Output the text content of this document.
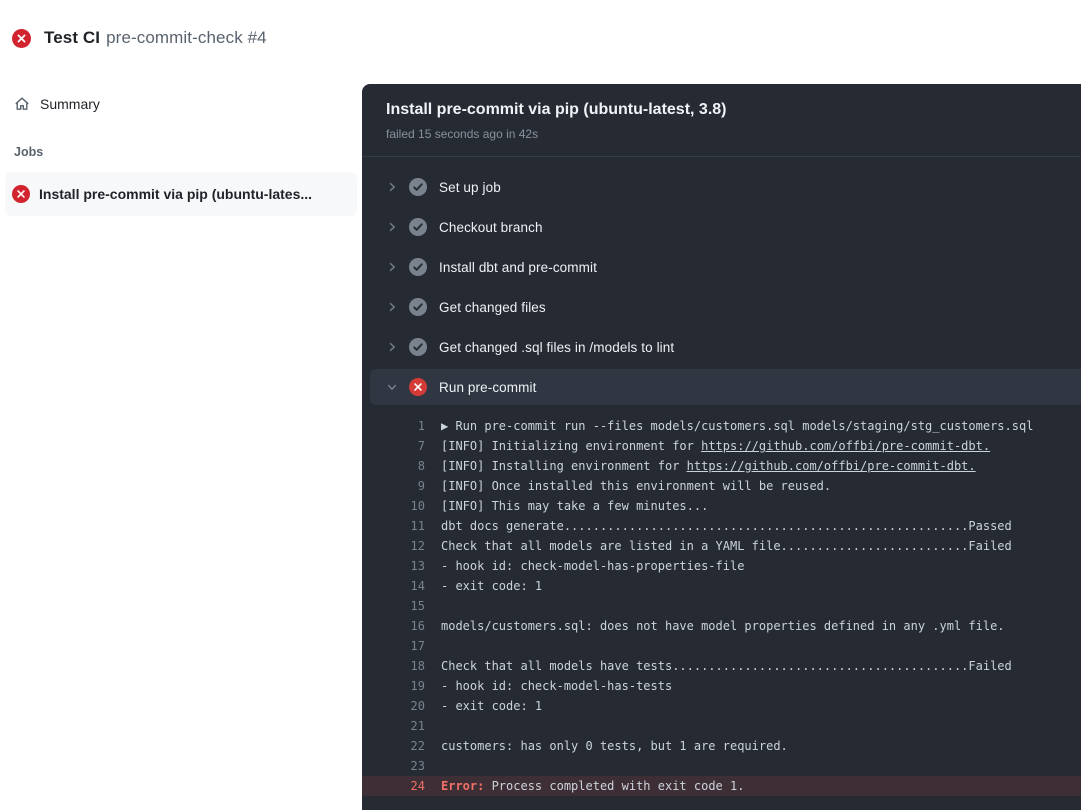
Test CI pre-commit-check #4
Summary
Jobs
Install pre-commit via pip (ubuntu-lates...
Install pre-commit via pip (ubuntu-latest, 3.8)
failed 15 seconds ago in 42s
Set up job
Checkout branch
Install dbt and pre-commit
Get changed files
Get changed .sql files in /models to lint
Run pre-commit
1	▶ Run pre-commit run --files models/customers.sql models/staging/stg_customers.sql
7	[INFO] Initializing environment for https://github.com/offbi/pre-commit-dbt.
8	[INFO] Installing environment for https://github.com/offbi/pre-commit-dbt.
9	[INFO] Once installed this environment will be reused.
10	[INFO] This may take a few minutes...
11	dbt docs generate........................................................Passed
12	Check that all models are listed in a YAML file..........................Failed
13	- hook id: check-model-has-properties-file
14	- exit code: 1
15
16	models/customers.sql: does not have model properties defined in any .yml file.
17
18	Check that all models have tests.........................................Failed
19	- hook id: check-model-has-tests
20	- exit code: 1
21
22	customers: has only 0 tests, but 1 are required.
23
24	Error: Process completed with exit code 1.
